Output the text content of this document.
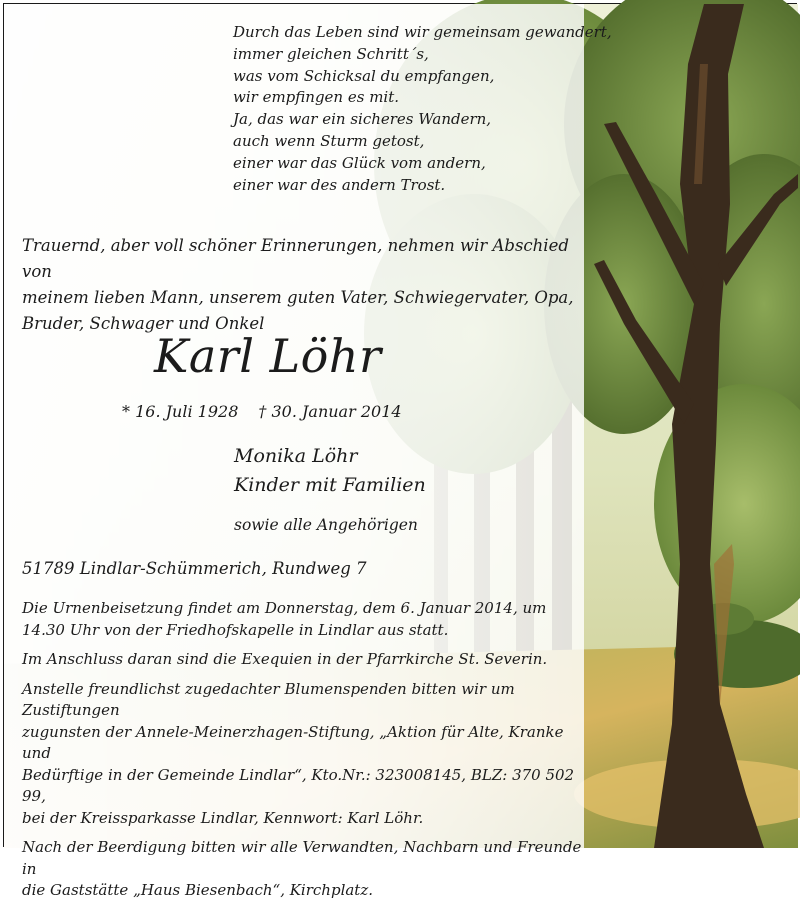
Durch das Leben sind wir gemeinsam gewandert,
immer gleichen Schritt´s,
was vom Schicksal du empfangen,
wir empfingen es mit.
Ja, das war ein sicheres Wandern,
auch wenn Sturm getost,
einer war das Glück vom andern,
einer war des andern Trost.
Trauernd, aber voll schöner Erinnerungen, nehmen wir Abschied von
meinem lieben Mann, unserem guten Vater, Schwiegervater, Opa,
Bruder, Schwager und Onkel
Karl Löhr
* 16. Juli 1928 † 30. Januar 2014
Monika Löhr
Kinder mit Familien
sowie alle Angehörigen
51789 Lindlar-Schümmerich, Rundweg 7

Die Urnenbeisetzung findet am Donnerstag, dem 6. Januar 2014, um
14.30 Uhr von der Friedhofskapelle in Lindlar aus statt.

Im Anschluss daran sind die Exequien in der Pfarrkirche St. Severin.

Anstelle freundlichst zugedachter Blumenspenden bitten wir um Zustiftungen
zugunsten der Annele-Meinerzhagen-Stiftung, „Aktion für Alte, Kranke und
Bedürftige in der Gemeinde Lindlar“, Kto.Nr.: 323008145, BLZ: 370 502 99,
bei der Kreissparkasse Lindlar, Kennwort: Karl Löhr.

Nach der Beerdigung bitten wir alle Verwandten, Nachbarn und Freunde in
die Gaststätte „Haus Biesenbach“, Kirchplatz.
